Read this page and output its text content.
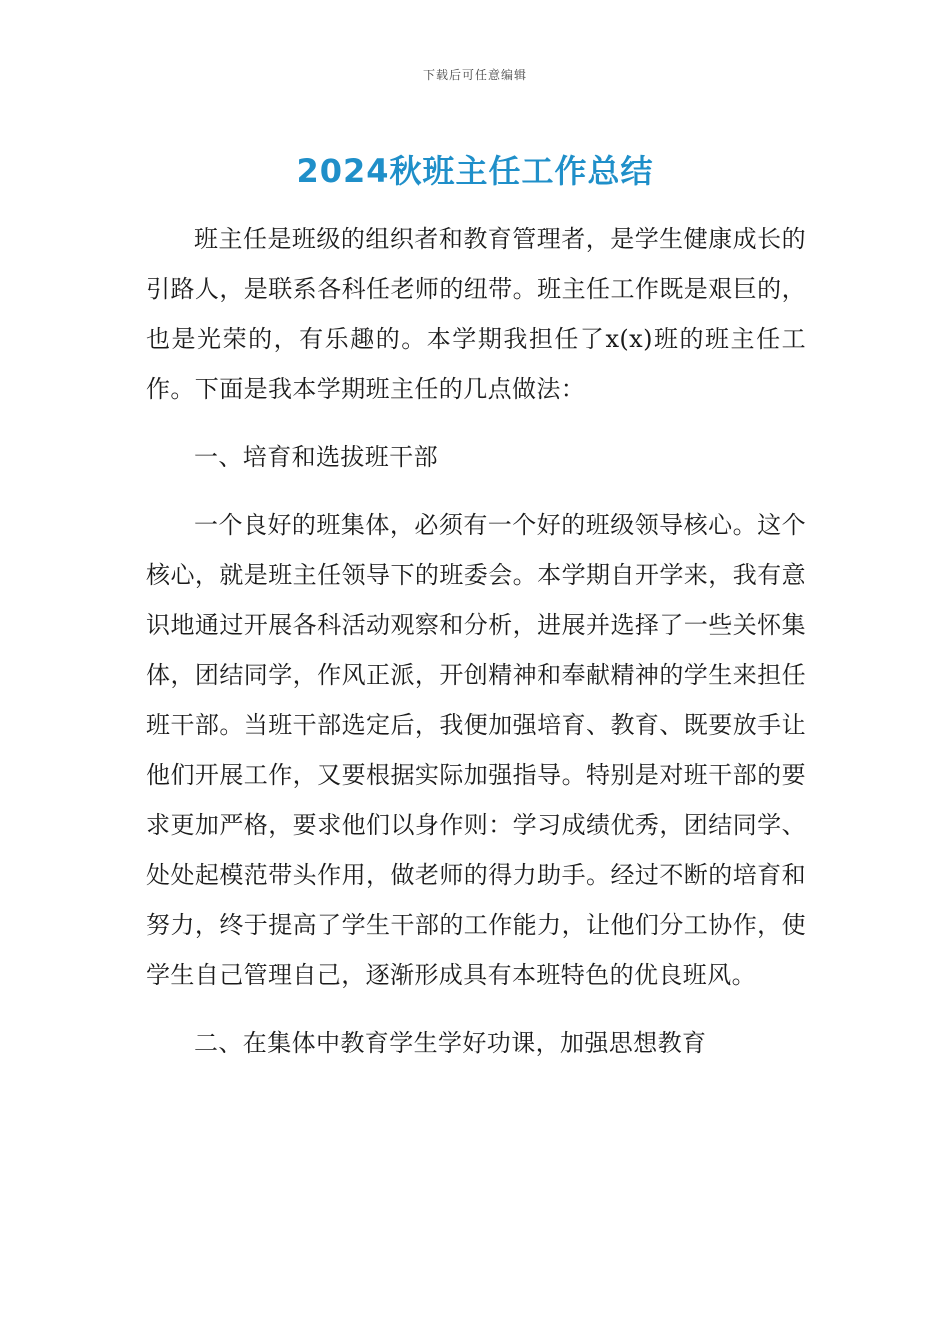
下载后可任意编辑
2024秋班主任工作总结

班主任是班级的组织者和教育管理者，是学生健康成长的引路人，是联系各科任老师的纽带。班主任工作既是艰巨的，也是光荣的，有乐趣的。本学期我担任了x(x)班的班主任工作。下面是我本学期班主任的几点做法：

一、培育和选拔班干部

一个良好的班集体，必须有一个好的班级领导核心。这个核心，就是班主任领导下的班委会。本学期自开学来，我有意识地通过开展各科活动观察和分析，进展并选择了一些关怀集体，团结同学，作风正派，开创精神和奉献精神的学生来担任班干部。当班干部选定后，我便加强培育、教育、既要放手让他们开展工作，又要根据实际加强指导。特别是对班干部的要求更加严格，要求他们以身作则：学习成绩优秀，团结同学、处处起模范带头作用，做老师的得力助手。经过不断的培育和努力，终于提高了学生干部的工作能力，让他们分工协作，使学生自己管理自己，逐渐形成具有本班特色的优良班风。

二、在集体中教育学生学好功课，加强思想教育
